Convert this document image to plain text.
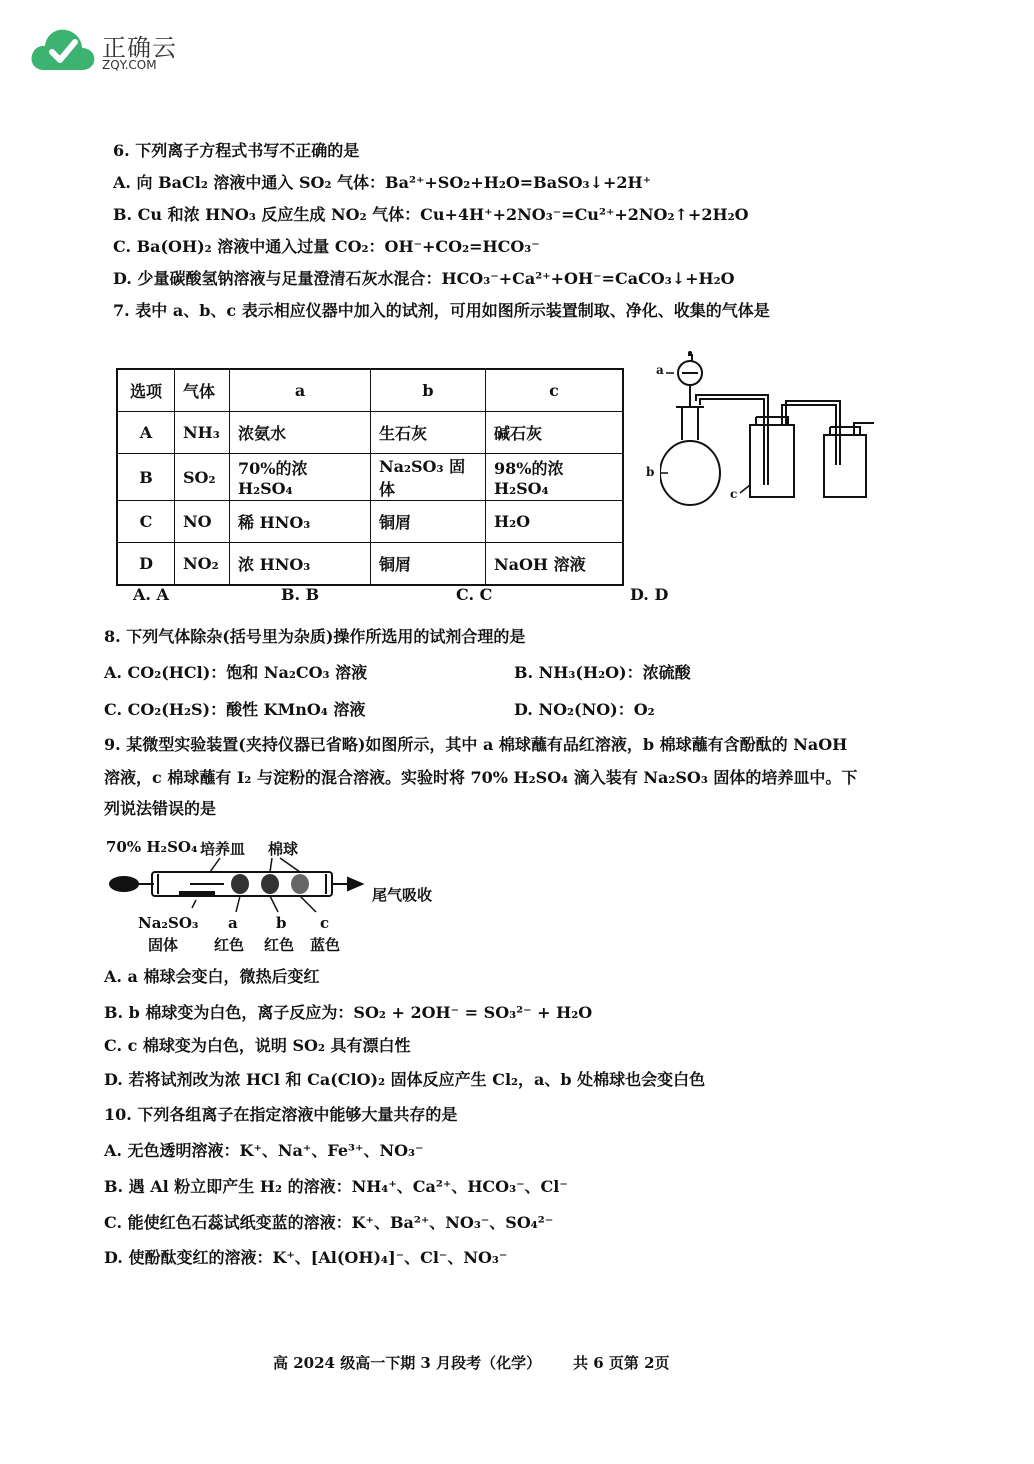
正确云
ZQY.COM
6. 下列离子方程式书写不正确的是
A. 向 BaCl₂ 溶液中通入 SO₂ 气体：Ba²⁺+SO₂+H₂O=BaSO₃↓+2H⁺
B. Cu 和浓 HNO₃ 反应生成 NO₂ 气体：Cu+4H⁺+2NO₃⁻=Cu²⁺+2NO₂↑+2H₂O
C. Ba(OH)₂ 溶液中通入过量 CO₂：OH⁻+CO₂=HCO₃⁻
D. 少量碳酸氢钠溶液与足量澄清石灰水混合：HCO₃⁻+Ca²⁺+OH⁻=CaCO₃↓+H₂O
7. 表中 a、b、c 表示相应仪器中加入的试剂，可用如图所示装置制取、净化、收集的气体是
选项	气体	a	b	c
A	NH₃	浓氨水	生石灰	碱石灰
B	SO₂	70%的浓 H₂SO₄	Na₂SO₃ 固体	98%的浓 H₂SO₄
C	NO	稀 HNO₃	铜屑	H₂O
D	NO₂	浓 HNO₃	铜屑	NaOH 溶液
a
b
c
A. A	B. B	C. C	D. D
8. 下列气体除杂(括号里为杂质)操作所选用的试剂合理的是
A. CO₂(HCl)：饱和 Na₂CO₃ 溶液	B. NH₃(H₂O)：浓硫酸
C. CO₂(H₂S)：酸性 KMnO₄ 溶液	D. NO₂(NO)：O₂
9. 某微型实验装置(夹持仪器已省略)如图所示，其中 a 棉球蘸有品红溶液，b 棉球蘸有含酚酞的 NaOH
溶液，c 棉球蘸有 I₂ 与淀粉的混合溶液。实验时将 70% H₂SO₄ 滴入装有 Na₂SO₃ 固体的培养皿中。下
列说法错误的是
70% H₂SO₄ 培养皿 棉球
尾气吸收
Na₂SO₃
固体
a	b c
红色 红色 蓝色
A. a 棉球会变白，微热后变红
B. b 棉球变为白色，离子反应为：SO₂ + 2OH⁻ = SO₃²⁻ + H₂O
C. c 棉球变为白色，说明 SO₂ 具有漂白性
D. 若将试剂改为浓 HCl 和 Ca(ClO)₂ 固体反应产生 Cl₂，a、b 处棉球也会变白色
10. 下列各组离子在指定溶液中能够大量共存的是
A. 无色透明溶液：K⁺、Na⁺、Fe³⁺、NO₃⁻
B. 遇 Al 粉立即产生 H₂ 的溶液：NH₄⁺、Ca²⁺、HCO₃⁻、Cl⁻
C. 能使红色石蕊试纸变蓝的溶液：K⁺、Ba²⁺、NO₃⁻、SO₄²⁻
D. 使酚酞变红的溶液：K⁺、[Al(OH)₄]⁻、Cl⁻、NO₃⁻
高 2024 级高一下期 3 月段考（化学） 共 6 页第 2页
